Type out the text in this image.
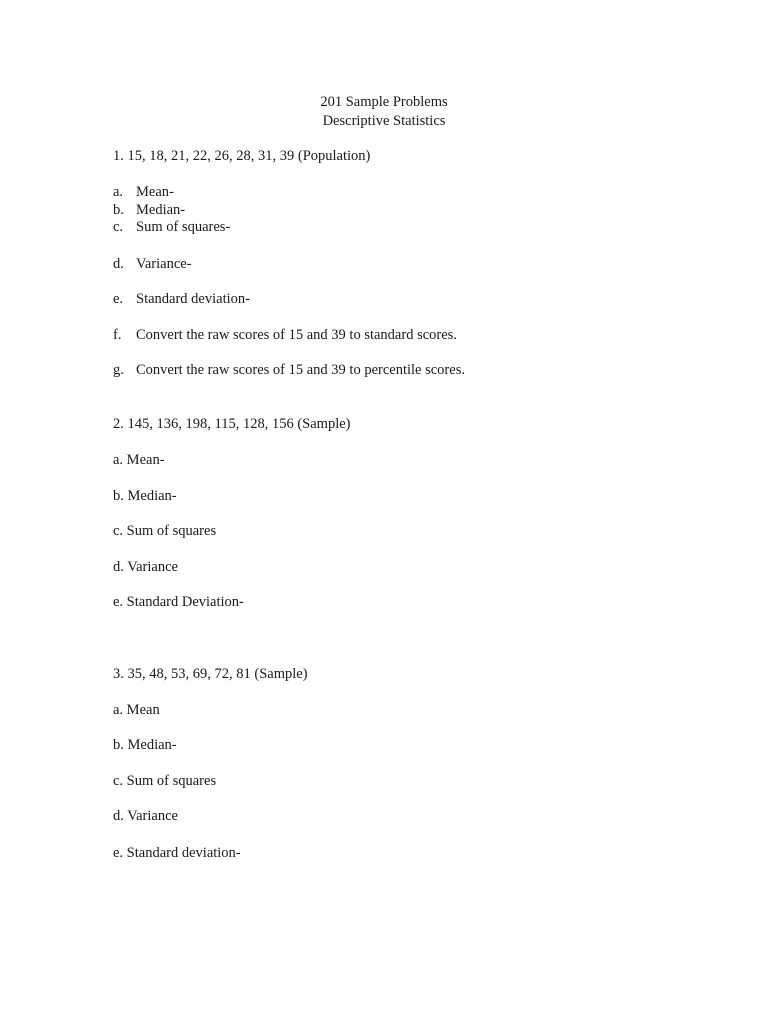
201 Sample Problems
Descriptive Statistics
1. 15, 18, 21, 22, 26, 28, 31, 39 (Population)
a. Mean-
b. Median-
c. Sum of squares-
d. Variance-
e. Standard deviation-
f. Convert the raw scores of 15 and 39 to standard scores.
g. Convert the raw scores of 15 and 39 to percentile scores.
2. 145, 136, 198, 115, 128, 156 (Sample)
a. Mean-
b. Median-
c. Sum of squares
d. Variance
e. Standard Deviation-
3. 35, 48, 53, 69, 72, 81 (Sample)
a. Mean
b. Median-
c. Sum of squares
d. Variance
e. Standard deviation-
